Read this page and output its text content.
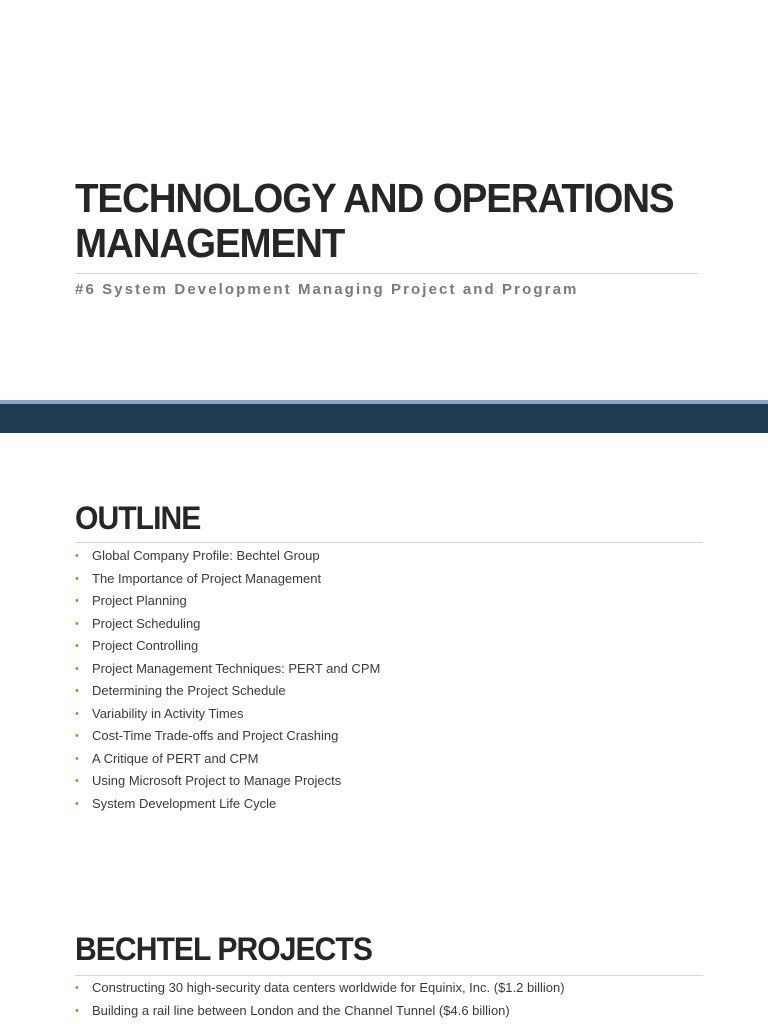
TECHNOLOGY AND OPERATIONS MANAGEMENT

#6 System Development Managing Project and Program

OUTLINE
• Global Company Profile: Bechtel Group
• The Importance of Project Management
• Project Planning
• Project Scheduling
• Project Controlling
• Project Management Techniques: PERT and CPM
• Determining the Project Schedule
• Variability in Activity Times
• Cost-Time Trade-offs and Project Crashing
• A Critique of PERT and CPM
• Using Microsoft Project to Manage Projects
• System Development Life Cycle
BECHTEL PROJECTS
• Constructing 30 high-security data centers worldwide for Equinix, Inc. ($1.2 billion)
• Building a rail line between London and the Channel Tunnel ($4.6 billion)
